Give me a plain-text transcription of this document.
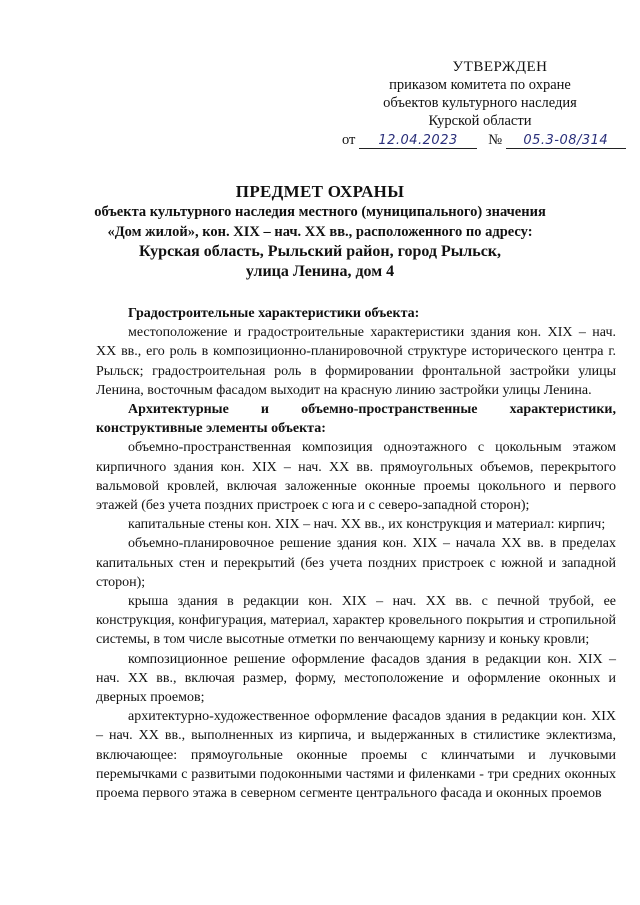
УТВЕРЖДЕН
приказом комитета по охране
объектов культурного наследия
Курской области
от 12.04.2023 № 05.3-08/314
ПРЕДМЕТ ОХРАНЫ
объекта культурного наследия местного (муниципального) значения
«Дом жилой», кон. XIX – нач. XX вв., расположенного по адресу:
Курская область, Рыльский район, город Рыльск,
улица Ленина, дом 4

Градостроительные характеристики объекта:

местоположение и градостроительные характеристики здания кон. XIX – нач. XX вв., его роль в композиционно-планировочной структуре исторического центра г. Рыльск; градостроительная роль в формировании фронтальной застройки улицы Ленина, восточным фасадом выходит на красную линию застройки улицы Ленина.

Архитектурные и объемно-пространственные характеристики, конструктивные элементы объекта:

объемно-пространственная композиция одноэтажного с цокольным этажом кирпичного здания кон. XIX – нач. XX вв. прямоугольных объемов, перекрытого вальмовой кровлей, включая заложенные оконные проемы цокольного и первого этажей (без учета поздних пристроек с юга и с северо-западной сторон);

капитальные стены кон. XIX – нач. XX вв., их конструкция и материал: кирпич;

объемно-планировочное решение здания кон. XIX – начала XX вв. в пределах капитальных стен и перекрытий (без учета поздних пристроек с южной и западной сторон);

крыша здания в редакции кон. XIX – нач. XX вв. с печной трубой, ее конструкция, конфигурация, материал, характер кровельного покрытия и стропильной системы, в том числе высотные отметки по венчающему карнизу и коньку кровли;

композиционное решение оформление фасадов здания в редакции кон. XIX – нач. XX вв., включая размер, форму, местоположение и оформление оконных и дверных проемов;

архитектурно-художественное оформление фасадов здания в редакции кон. XIX – нач. XX вв., выполненных из кирпича, и выдержанных в стилистике эклектизма, включающее: прямоугольные оконные проемы с клинчатыми и лучковыми перемычками с развитыми подоконными частями и филенками - три средних оконных проема первого этажа в северном сегменте центрального фасада и оконных проемов
